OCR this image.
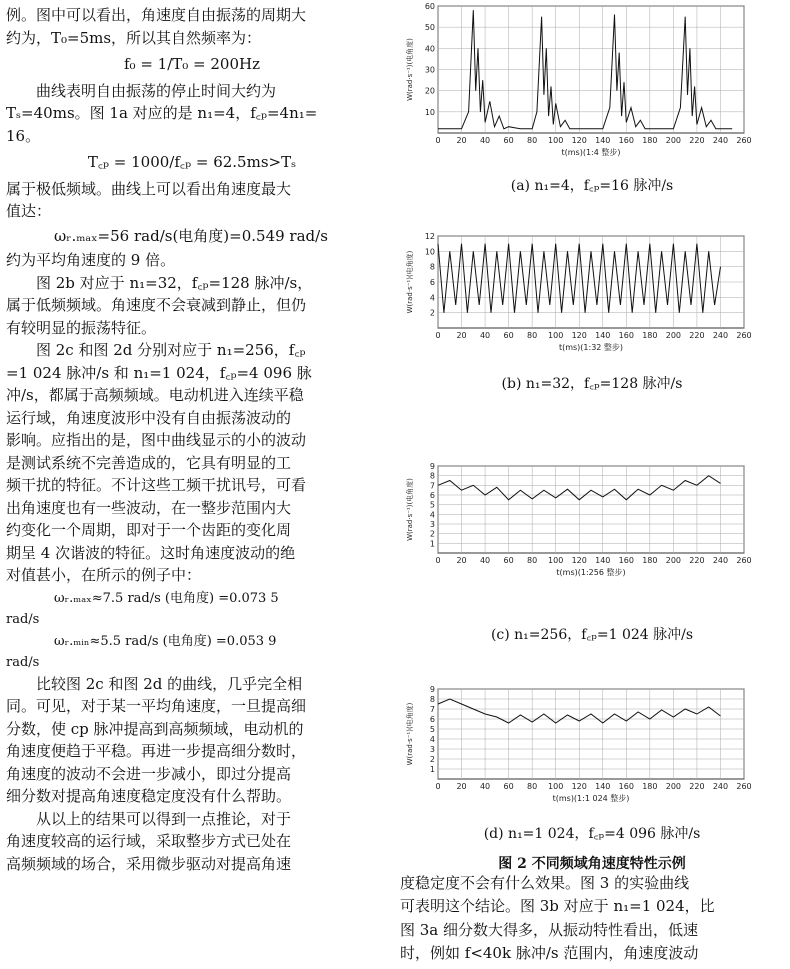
例。图中可以看出，角速度自由振荡的周期大

约为，T₀=5ms，所以其自然频率为：

f₀ = 1/T₀ = 200Hz

曲线表明自由振荡的停止时间大约为

Tₛ=40ms。图 1a 对应的是 n₁=4，f꜀ₚ=4n₁=

16。

T꜀ₚ = 1000/f꜀ₚ = 62.5ms>Tₛ

属于极低频域。曲线上可以看出角速度最大

值达：

ωᵣ.ₘₐₓ=56 rad/s(电角度)=0.549 rad/s

约为平均角速度的 9 倍。

图 2b 对应于 n₁=32，f꜀ₚ=128 脉冲/s，

属于低频频域。角速度不会衰减到静止，但仍

有较明显的振荡特征。

图 2c 和图 2d 分别对应于 n₁=256，f꜀ₚ

=1 024 脉冲/s 和 n₁=1 024，f꜀ₚ=4 096 脉

冲/s，都属于高频频域。电动机进入连续平稳

运行域，角速度波形中没有自由振荡波动的

影响。应指出的是，图中曲线显示的小的波动

是测试系统不完善造成的，它具有明显的工

频干扰的特征。不计这些工频干扰讯号，可看

出角速度也有一些波动，在一整步范围内大

约变化一个周期，即对于一个齿距的变化周

期呈 4 次谐波的特征。这时角速度波动的绝

对值甚小，在所示的例子中：

ωᵣ.ₘₐₓ≈7.5 rad/s (电角度) =0.073 5

rad/s

ωᵣ.ₘᵢₙ≈5.5 rad/s (电角度) =0.053 9

rad/s

比较图 2c 和图 2d 的曲线，几乎完全相

同。可见，对于某一平均角速度，一旦提高细

分数，使 cp 脉冲提高到高频频域，电动机的

角速度便趋于平稳。再进一步提高细分数时，

角速度的波动不会进一步减小，即过分提高

细分数对提高角速度稳定度没有什么帮助。

从以上的结果可以得到一点推论，对于

角速度较高的运行域，采取整步方式已处在

高频频域的场合，采用微步驱动对提高角速

0 20 40 60 80 100 120 140 160 180 200 220 240 260
10
20
30
40
50
60
t(ms)(1:4 整步)
W(rad·s⁻¹)(电角度)
(a) n₁=4，f꜀ₚ=16 脉冲/s
0 20 40 60 80 100 120 140 160 180 200 220 240 260
2
4
6
8
10
12
t(ms)(1:32 整步)
W(rad·s⁻¹)(电角度)
(b) n₁=32，f꜀ₚ=128 脉冲/s
0 20 40 60 80 100 120 140 160 180 200 220 240 260
1
2
3
4
5
6
7
8
9
t(ms)(1:256 整步)
W(rad·s⁻¹)(电角度)
(c) n₁=256，f꜀ₚ=1 024 脉冲/s
0 20 40 60 80 100 120 140 160 180 200 220 240 260
1
2
3
4
5
6
7
8
9
t(ms)(1:1 024 整步)
W(rad·s⁻¹)(电角度)
(d) n₁=1 024，f꜀ₚ=4 096 脉冲/s
图 2 不同频域角速度特性示例
度稳定度不会有什么效果。图 3 的实验曲线
可表明这个结论。图 3b 对应于 n₁=1 024，比
图 3a 细分数大得多，从振动特性看出，低速
时，例如 f<40k 脉冲/s 范围内，角速度波动
